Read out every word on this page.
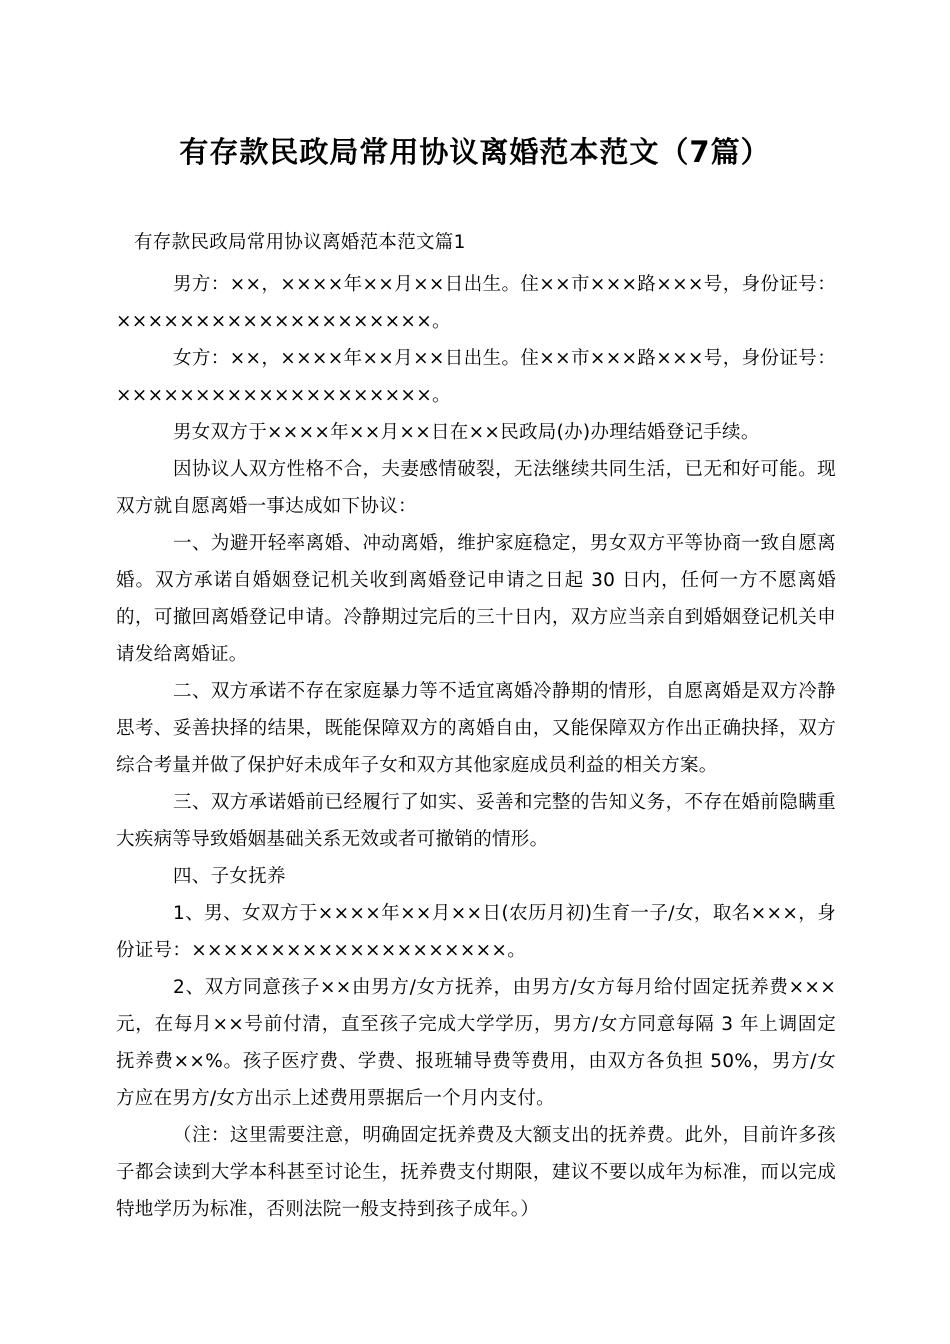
有存款民政局常用协议离婚范本范文（7篇）

有存款民政局常用协议离婚范本范文篇1

男方：××，××××年××月××日出生。住××市×××路×××号，身份证号：××××××××××××××××××××。

女方：××，××××年××月××日出生。住××市×××路×××号，身份证号：××××××××××××××××××××。

男女双方于××××年××月××日在××民政局(办)办理结婚登记手续。

因协议人双方性格不合，夫妻感情破裂，无法继续共同生活，已无和好可能。现双方就自愿离婚一事达成如下协议：

一、为避开轻率离婚、冲动离婚，维护家庭稳定，男女双方平等协商一致自愿离婚。双方承诺自婚姻登记机关收到离婚登记申请之日起 30 日内，任何一方不愿离婚的，可撤回离婚登记申请。冷静期过完后的三十日内，双方应当亲自到婚姻登记机关申请发给离婚证。

二、双方承诺不存在家庭暴力等不适宜离婚冷静期的情形，自愿离婚是双方冷静思考、妥善抉择的结果，既能保障双方的离婚自由，又能保障双方作出正确抉择，双方综合考量并做了保护好未成年子女和双方其他家庭成员利益的相关方案。

三、双方承诺婚前已经履行了如实、妥善和完整的告知义务，不存在婚前隐瞒重大疾病等导致婚姻基础关系无效或者可撤销的情形。

四、子女抚养

1、男、女双方于××××年××月××日(农历月初)生育一子/女，取名×××，身份证号：××××××××××××××××××××。

2、双方同意孩子××由男方/女方抚养，由男方/女方每月给付固定抚养费×××元，在每月××号前付清，直至孩子完成大学学历，男方/女方同意每隔 3 年上调固定抚养费××%。孩子医疗费、学费、报班辅导费等费用，由双方各负担 50%，男方/女方应在男方/女方出示上述费用票据后一个月内支付。

（注：这里需要注意，明确固定抚养费及大额支出的抚养费。此外，目前许多孩子都会读到大学本科甚至讨论生，抚养费支付期限，建议不要以成年为标准，而以完成特地学历为标准，否则法院一般支持到孩子成年。）
